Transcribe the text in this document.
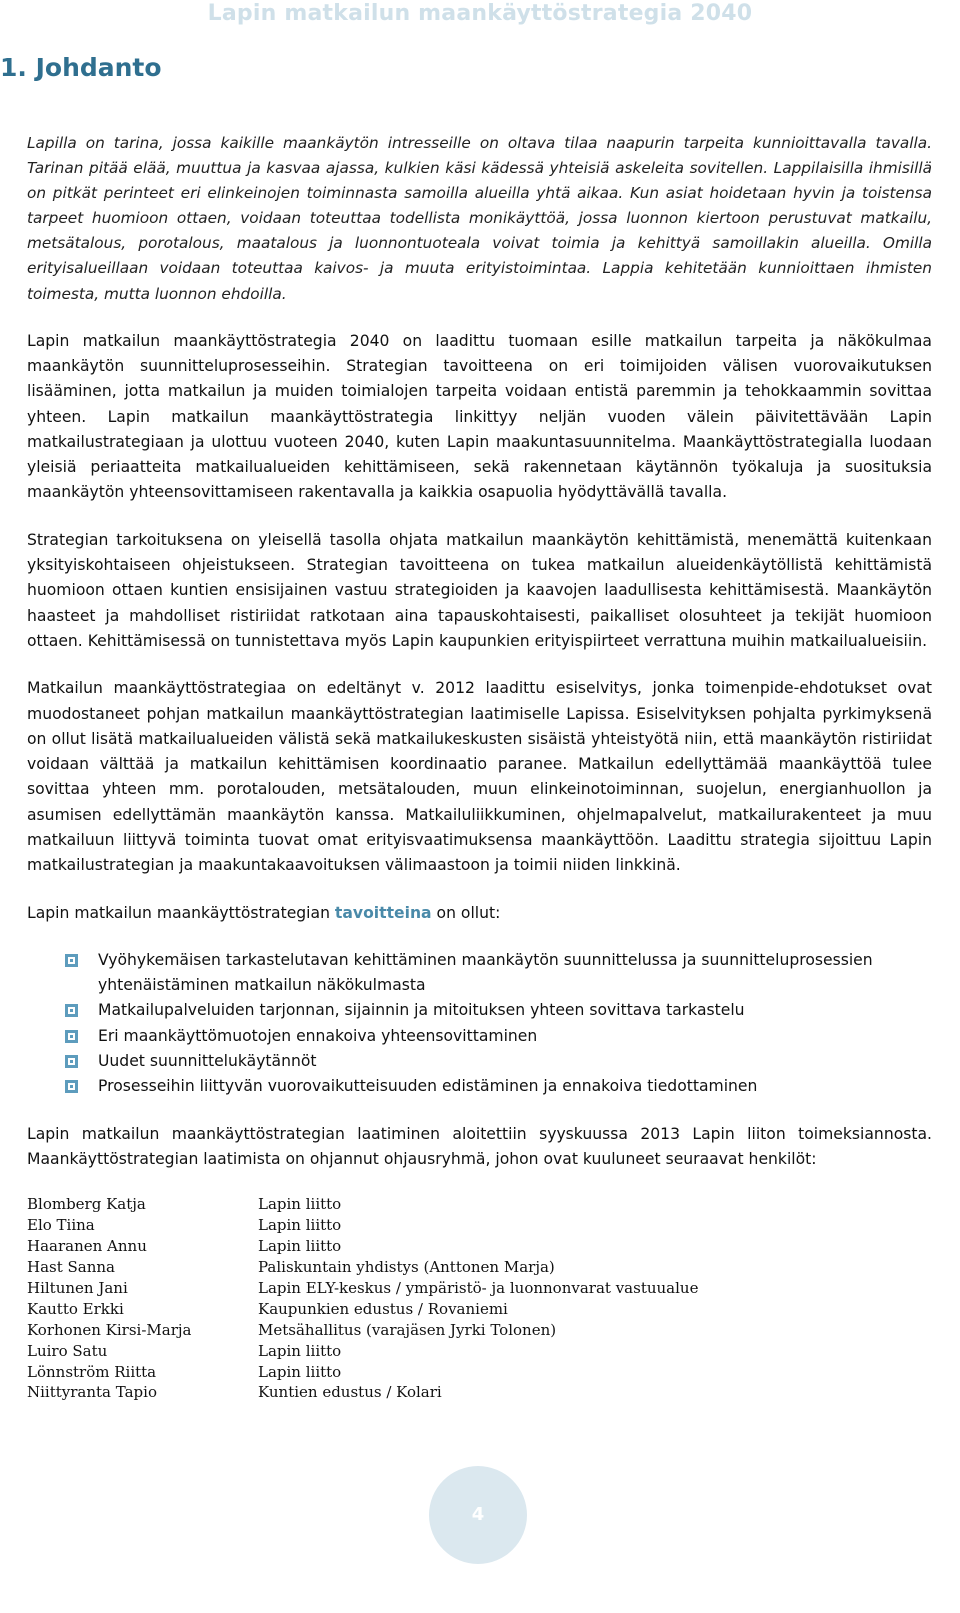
Lapin matkailun maankäyttöstrategia 2040
1. Johdanto

Lapilla on tarina, jossa kaikille maankäytön intresseille on oltava tilaa naapurin tarpeita kunnioittavalla tavalla. Tarinan pitää elää, muuttua ja kasvaa ajassa, kulkien käsi kädessä yhteisiä askeleita sovitellen. Lappilaisilla ihmisillä on pitkät perinteet eri elinkeinojen toiminnasta samoilla alueilla yhtä aikaa. Kun asiat hoidetaan hyvin ja toistensa tarpeet huomioon ottaen, voidaan toteuttaa todellista monikäyttöä, jossa luonnon kiertoon perustuvat matkailu, metsätalous, porotalous, maatalous ja luonnontuoteala voivat toimia ja kehittyä samoillakin alueilla. Omilla erityisalueillaan voidaan toteuttaa kaivos- ja muuta erityistoimintaa. Lappia kehitetään kunnioittaen ihmisten toimesta, mutta luonnon ehdoilla.

Lapin matkailun maankäyttöstrategia 2040 on laadittu tuomaan esille matkailun tarpeita ja näkökulmaa maankäytön suunnitteluprosesseihin. Strategian tavoitteena on eri toimijoiden välisen vuorovaikutuksen lisääminen, jotta matkailun ja muiden toimialojen tarpeita voidaan entistä paremmin ja tehokkaammin sovittaa yhteen. Lapin matkailun maankäyttöstrategia linkittyy neljän vuoden välein päivitettävään Lapin matkailustrategiaan ja ulottuu vuoteen 2040, kuten Lapin maakuntasuunnitelma. Maankäyttöstrategialla luodaan yleisiä periaatteita matkailualueiden kehittämiseen, sekä rakennetaan käytännön työkaluja ja suosituksia maankäytön yhteensovittamiseen rakentavalla ja kaikkia osapuolia hyödyttävällä tavalla.

Strategian tarkoituksena on yleisellä tasolla ohjata matkailun maankäytön kehittämistä, menemättä kuitenkaan yksityiskohtaiseen ohjeistukseen. Strategian tavoitteena on tukea matkailun alueidenkäytöllistä kehittämistä huomioon ottaen kuntien ensisijainen vastuu strategioiden ja kaavojen laadullisesta kehittämisestä. Maankäytön haasteet ja mahdolliset ristiriidat ratkotaan aina tapauskohtaisesti, paikalliset olosuhteet ja tekijät huomioon ottaen. Kehittämisessä on tunnistettava myös Lapin kaupunkien erityispiirteet verrattuna muihin matkailualueisiin.

Matkailun maankäyttöstrategiaa on edeltänyt v. 2012 laadittu esiselvitys, jonka toimenpide-ehdotukset ovat muodostaneet pohjan matkailun maankäyttöstrategian laatimiselle Lapissa. Esiselvityksen pohjalta pyrkimyksenä on ollut lisätä matkailualueiden välistä sekä matkailukeskusten sisäistä yhteistyötä niin, että maankäytön ristiriidat voidaan välttää ja matkailun kehittämisen koordinaatio paranee. Matkailun edellyttämää maankäyttöä tulee sovittaa yhteen mm. porotalouden, metsätalouden, muun elinkeinotoiminnan, suojelun, energianhuollon ja asumisen edellyttämän maankäytön kanssa. Matkailuliikkuminen, ohjelmapalvelut, matkailurakenteet ja muu matkailuun liittyvä toiminta tuovat omat erityisvaatimuksensa maankäyttöön. Laadittu strategia sijoittuu Lapin matkailustrategian ja maakuntakaavoituksen välimaastoon ja toimii niiden linkkinä.

Lapin matkailun maankäyttöstrategian tavoitteina on ollut:

Vyöhykemäisen tarkastelutavan kehittäminen maankäytön suunnittelussa ja suunnitteluprosessien yhtenäistäminen matkailun näkökulmasta
Matkailupalveluiden tarjonnan, sijainnin ja mitoituksen yhteen sovittava tarkastelu
Eri maankäyttömuotojen ennakoiva yhteensovittaminen
Uudet suunnittelukäytännöt
Prosesseihin liittyvän vuorovaikutteisuuden edistäminen ja ennakoiva tiedottaminen

Lapin matkailun maankäyttöstrategian laatiminen aloitettiin syyskuussa 2013 Lapin liiton toimeksiannosta. Maankäyttöstrategian laatimista on ohjannut ohjausryhmä, johon ovat kuuluneet seuraavat henkilöt:

Blomberg Katja	Lapin liitto
Elo Tiina	Lapin liitto
Haaranen Annu	Lapin liitto
Hast Sanna	Paliskuntain yhdistys (Anttonen Marja)
Hiltunen Jani	Lapin ELY-keskus / ympäristö- ja luonnonvarat vastuualue
Kautto Erkki	Kaupunkien edustus / Rovaniemi
Korhonen Kirsi-Marja	Metsähallitus (varajäsen Jyrki Tolonen)
Luiro Satu	Lapin liitto
Lönnström Riitta	Lapin liitto
Niittyranta Tapio	Kuntien edustus / Kolari
4
